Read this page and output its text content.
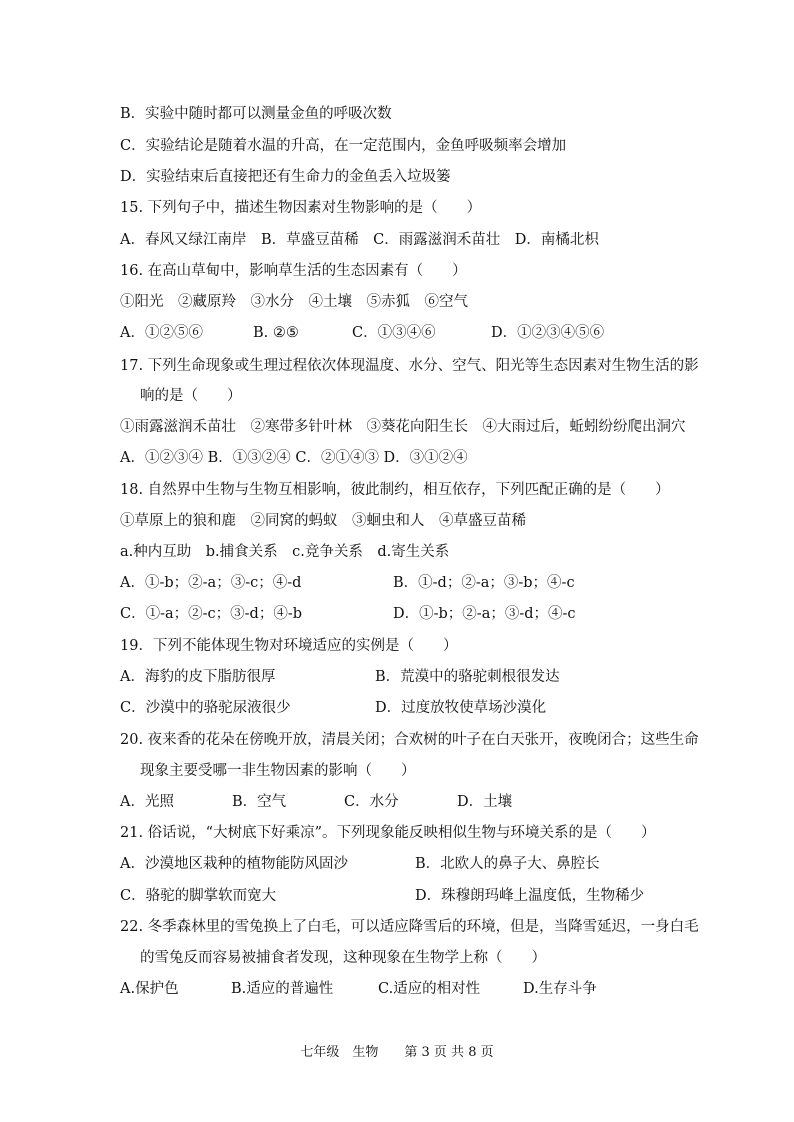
B．实验中随时都可以测量金鱼的呼吸次数
C．实验结论是随着水温的升高，在一定范围内，金鱼呼吸频率会增加
D．实验结束后直接把还有生命力的金鱼丢入垃圾篓
15. 下列句子中，描述生物因素对生物影响的是（　　）
A．春风又绿江南岸　B．草盛豆苗稀　C．雨露滋润禾苗壮　D．南橘北枳
16. 在高山草甸中，影响草生活的生态因素有（　　）
①阳光　②藏原羚　③水分　④土壤　⑤赤狐　⑥空气
A．①②⑤⑥	B. ②⑤	C．①③④⑥	D．①②③④⑤⑥
17. 下列生命现象或生理过程依次体现温度、水分、空气、阳光等生态因素对生物生活的影
响的是（　　）
①雨露滋润禾苗壮　②寒带多针叶林　③葵花向阳生长　④大雨过后，蚯蚓纷纷爬出洞穴
A．①②③④ B．①③②④ C．②①④③ D．③①②④
18. 自然界中生物与生物互相影响，彼此制约，相互依存，下列匹配正确的是（　　）
①草原上的狼和鹿　②同窝的蚂蚁　③蛔虫和人　④草盛豆苗稀
a.种内互助　b.捕食关系　c.竞争关系　d.寄生关系
A．①-b；②-a；③-c；④-d	B．①-d；②-a；③-b；④-c
C．①-a；②-c；③-d；④-b	D．①-b；②-a；③-d；④-c
19．下列不能体现生物对环境适应的实例是（　　）
A．海豹的皮下脂肪很厚	B．荒漠中的骆驼刺根很发达
C．沙漠中的骆驼尿液很少	D．过度放牧使草场沙漠化
20. 夜来香的花朵在傍晚开放，清晨关闭；合欢树的叶子在白天张开，夜晚闭合；这些生命
现象主要受哪一非生物因素的影响（　　）
A．光照	B．空气	C．水分	D．土壤
21. 俗话说，“大树底下好乘凉”。下列现象能反映相似生物与环境关系的是（　　）
A．沙漠地区栽种的植物能防风固沙	B．北欧人的鼻子大、鼻腔长
C．骆驼的脚掌软而宽大	D．珠穆朗玛峰上温度低，生物稀少
22. 冬季森林里的雪兔换上了白毛，可以适应降雪后的环境，但是，当降雪延迟，一身白毛
的雪兔反而容易被捕食者发现，这种现象在生物学上称（　　）
A.保护色	B.适应的普遍性	C.适应的相对性	D.生存斗争
七年级　生物　　第 3 页 共 8 页
